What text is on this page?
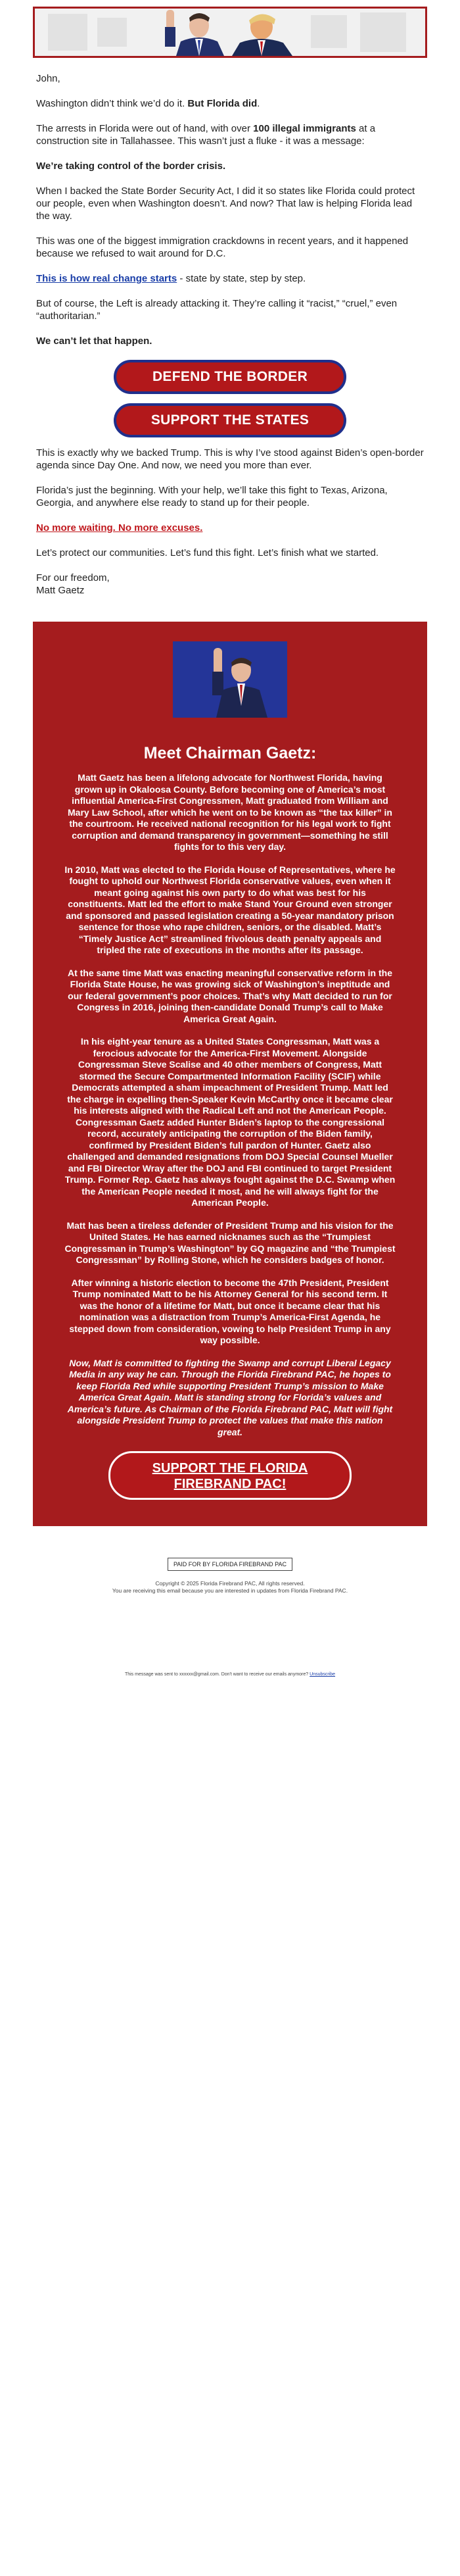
John,

Washington didn’t think we’d do it. But Florida did.

The arrests in Florida were out of hand, with over 100 illegal immigrants at a construction site in Tallahassee. This wasn’t just a fluke - it was a message:

We’re taking control of the border crisis.

When I backed the State Border Security Act, I did it so states like Florida could protect our people, even when Washington doesn’t. And now? That law is helping Florida lead the way.

This was one of the biggest immigration crackdowns in recent years, and it happened because we refused to wait around for D.C.

This is how real change starts - state by state, step by step.

But of course, the Left is already attacking it. They’re calling it “racist,” “cruel,” even “authoritarian.”

We can’t let that happen.

DEFEND THE BORDER
SUPPORT THE STATES

This is exactly why we backed Trump. This is why I’ve stood against Biden’s open-border agenda since Day One. And now, we need you more than ever.

Florida’s just the beginning. With your help, we’ll take this fight to Texas, Arizona, Georgia, and anywhere else ready to stand up for their people.

No more waiting. No more excuses.

Let’s protect our communities. Let’s fund this fight. Let’s finish what we started.

For our freedom,
Matt Gaetz

Meet Chairman Gaetz:

Matt Gaetz has been a lifelong advocate for Northwest Florida, having grown up in Okaloosa County. Before becoming one of America’s most influential America-First Congressmen, Matt graduated from William and Mary Law School, after which he went on to be known as “the tax killer” in the courtroom. He received national recognition for his legal work to fight corruption and demand transparency in government—something he still fights for to this very day.

In 2010, Matt was elected to the Florida House of Representatives, where he fought to uphold our Northwest Florida conservative values, even when it meant going against his own party to do what was best for his constituents. Matt led the effort to make Stand Your Ground even stronger and sponsored and passed legislation creating a 50-year mandatory prison sentence for those who rape children, seniors, or the disabled. Matt’s “Timely Justice Act” streamlined frivolous death penalty appeals and tripled the rate of executions in the months after its passage.

At the same time Matt was enacting meaningful conservative reform in the Florida State House, he was growing sick of Washington’s ineptitude and our federal government’s poor choices. That’s why Matt decided to run for Congress in 2016, joining then-candidate Donald Trump’s call to Make America Great Again.

In his eight-year tenure as a United States Congressman, Matt was a ferocious advocate for the America-First Movement. Alongside Congressman Steve Scalise and 40 other members of Congress, Matt stormed the Secure Compartmented Information Facility (SCIF) while Democrats attempted a sham impeachment of President Trump. Matt led the charge in expelling then-Speaker Kevin McCarthy once it became clear his interests aligned with the Radical Left and not the American People. Congressman Gaetz added Hunter Biden’s laptop to the congressional record, accurately anticipating the corruption of the Biden family, confirmed by President Biden’s full pardon of Hunter. Gaetz also challenged and demanded resignations from DOJ Special Counsel Mueller and FBI Director Wray after the DOJ and FBI continued to target President Trump. Former Rep. Gaetz has always fought against the D.C. Swamp when the American People needed it most, and he will always fight for the American People.

Matt has been a tireless defender of President Trump and his vision for the United States. He has earned nicknames such as the “Trumpiest Congressman in Trump’s Washington” by GQ magazine and “the Trumpiest Congressman” by Rolling Stone, which he considers badges of honor.

After winning a historic election to become the 47th President, President Trump nominated Matt to be his Attorney General for his second term. It was the honor of a lifetime for Matt, but once it became clear that his nomination was a distraction from Trump’s America-First Agenda, he stepped down from consideration, vowing to help President Trump in any way possible.

Now, Matt is committed to fighting the Swamp and corrupt Liberal Legacy Media in any way he can. Through the Florida Firebrand PAC, he hopes to keep Florida Red while supporting President Trump’s mission to Make America Great Again. Matt is standing strong for Florida’s values and America’s future. As Chairman of the Florida Firebrand PAC, Matt will fight alongside President Trump to protect the values that make this nation great.

SUPPORT THE FLORIDA
FIREBRAND PAC!
PAID FOR BY FLORIDA FIREBRAND PAC
Copyright © 2025 Florida Firebrand PAC, All rights reserved.
You are receiving this email because you are interested in updates from Florida Firebrand PAC.
This message was sent to xxxxxx@gmail.com. Don't want to receive our emails anymore? Unsubscribe
